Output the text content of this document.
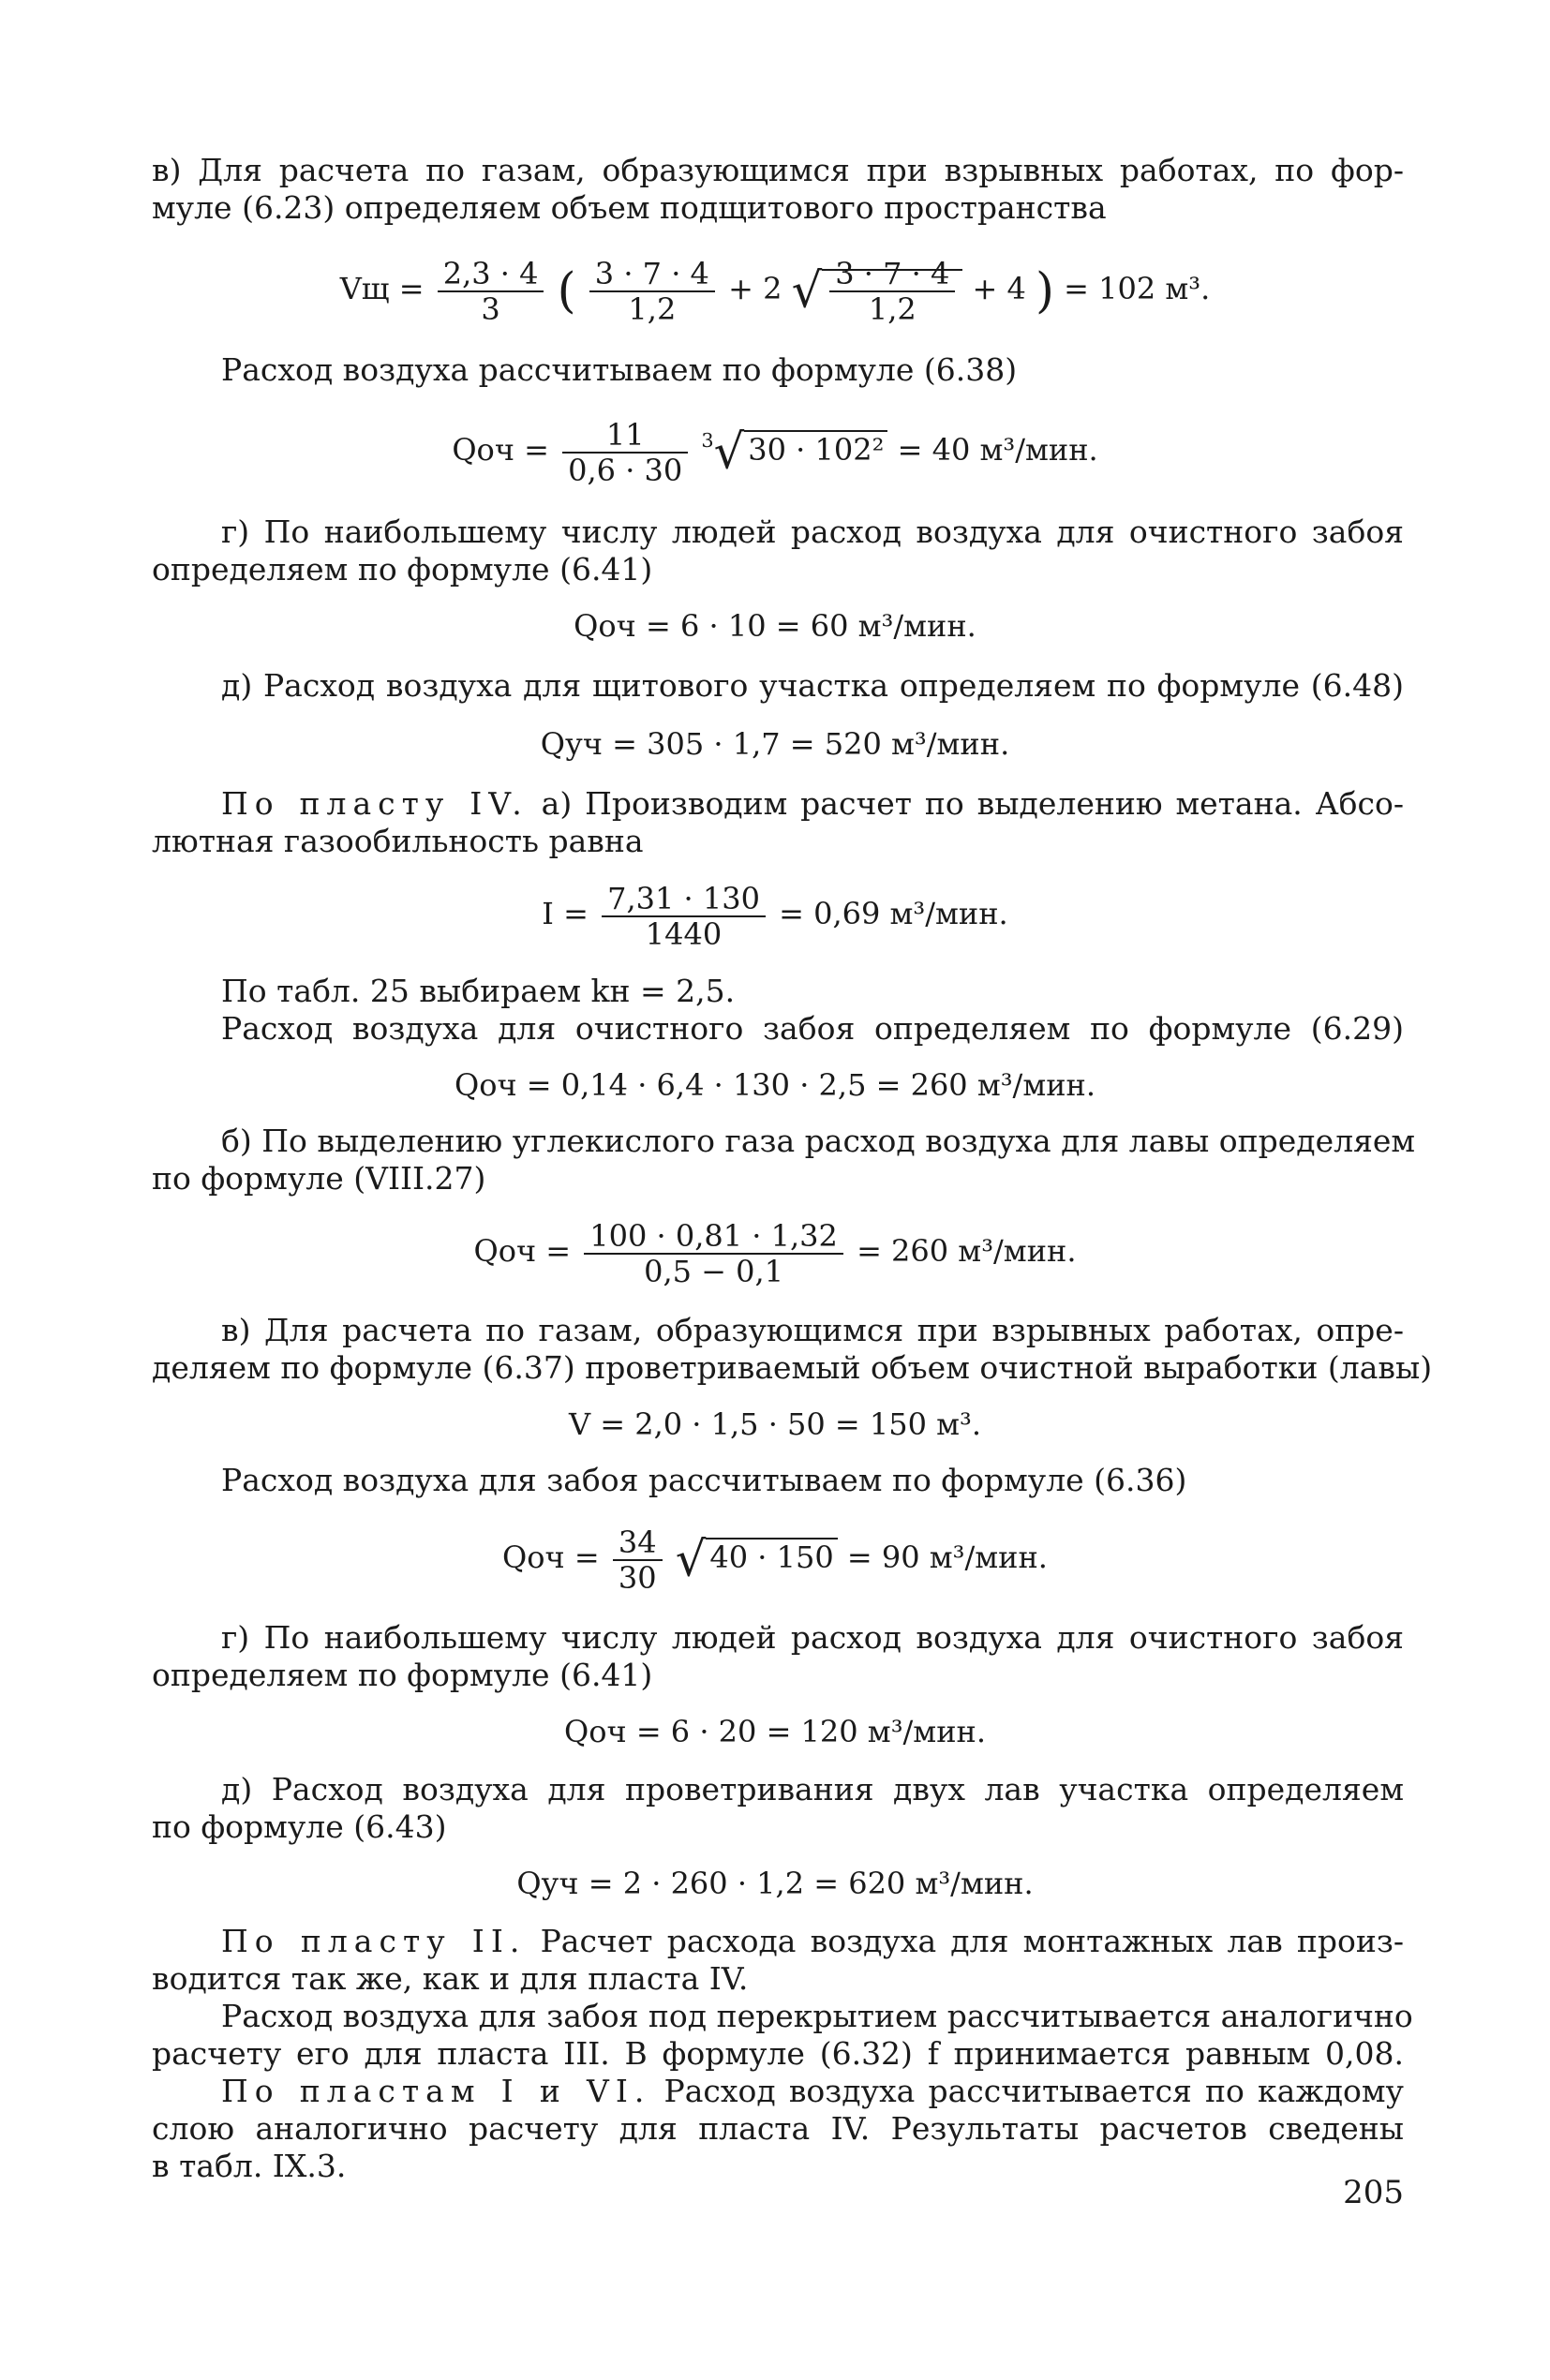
в) Для расчета по газам, образующимся при взрывных работах, по фор-

муле (6.23) определяем объем подщитового пространства

Vщ = $\frac{2,3 \cdot 4}{3}$ ( $\frac{3 \cdot 7 \cdot 4}{1,2} + 2$ √ $\frac{3 \cdot 7 \cdot 4}{1,2} + 4$ ) = 102 м³.

Расход воздуха рассчитываем по формуле (6.38)

Qоч = $\frac{11}{0,6 \cdot 30} ^3√$ 30 · 102² = 40 м³/мин.

г) По наибольшему числу людей расход воздуха для очистного забоя

определяем по формуле (6.41)

Qоч = 6 · 10 = 60 м³/мин.

д) Расход воздуха для щитового участка определяем по формуле (6.48)

Qуч = 305 · 1,7 = 520 м³/мин.

По пласту IV. а) Производим расчет по выделению метана. Абсо-

лютная газообильность равна

$I = \frac{7,31 \cdot 130}{1440} = 0,69$ м³/мин.

По табл. 25 выбираем kн = 2,5.

Расход воздуха для очистного забоя определяем по формуле (6.29)

Qоч = 0,14 · 6,4 · 130 · 2,5 = 260 м³/мин.

б) По выделению углекислого газа расход воздуха для лавы определяем

по формуле (VIII.27)

Qоч = $\frac{100 \cdot 0,81 \cdot 1,32}{0,5 - 0,1} = 260$ м³/мин.

в) Для расчета по газам, образующимся при взрывных работах, опре-

деляем по формуле (6.37) проветриваемый объем очистной выработки (лавы)

V = 2,0 · 1,5 · 50 = 150 м³.

Расход воздуха для забоя рассчитываем по формуле (6.36)

Qоч = $\frac{34}{30}$ √ 40 · 150 = 90 м³/мин.

г) По наибольшему числу людей расход воздуха для очистного забоя

определяем по формуле (6.41)

Qоч = 6 · 20 = 120 м³/мин.

д) Расход воздуха для проветривания двух лав участка определяем

по формуле (6.43)

Qуч = 2 · 260 · 1,2 = 620 м³/мин.

По пласту II. Расчет расхода воздуха для монтажных лав произ-

водится так же, как и для пласта IV.

Расход воздуха для забоя под перекрытием рассчитывается аналогично

расчету его для пласта III. В формуле (6.32) f принимается равным 0,08.

По пластам I и VI. Расход воздуха рассчитывается по каждому

слою аналогично расчету для пласта IV. Результаты расчетов сведены

в табл. IX.3.

205
